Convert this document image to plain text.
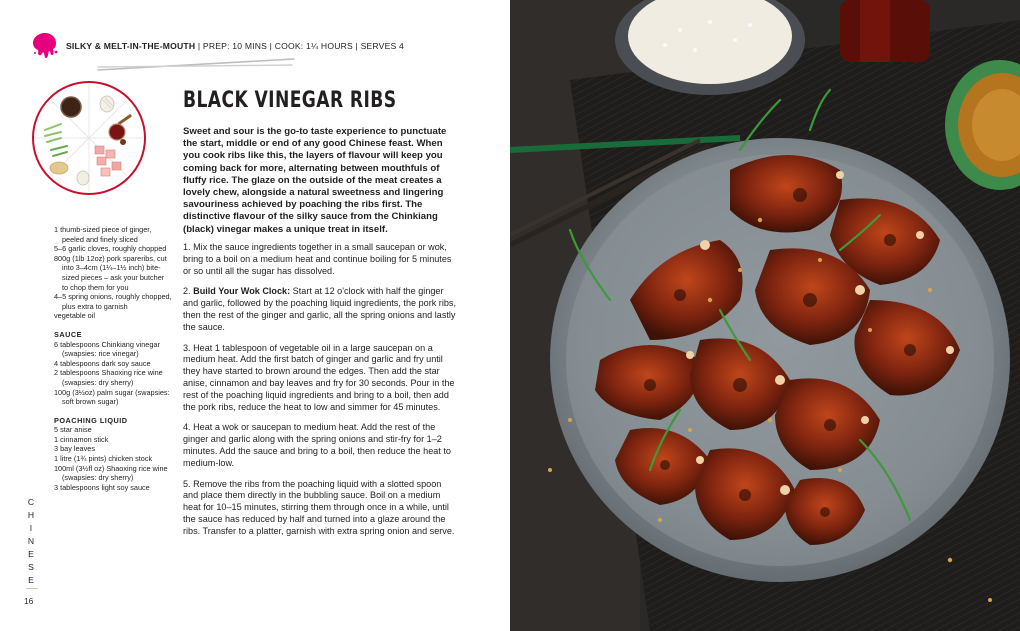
SILKY & MELT-IN-THE-MOUTH | PREP: 10 MINS | COOK: 1¼ HOURS | SERVES 4
BLACK VINEGAR RIBS

Sweet and sour is the go-to taste experience to punctuate the start, middle or end of any good Chinese feast. When you cook ribs like this, the layers of flavour will keep you coming back for more, alternating between mouthfuls of fluffy rice. The glaze on the outside of the meat creates a lovely chew, alongside a natural sweetness and lingering savouriness achieved by poaching the ribs first. The distinctive flavour of the silky sauce from the Chinkiang (black) vinegar makes a unique treat in itself.

1. Mix the sauce ingredients together in a small saucepan or wok, bring to a boil on a medium heat and continue boiling for 5 minutes or so until all the sugar has dissolved.

2. Build Your Wok Clock: Start at 12 o'clock with half the ginger and garlic, followed by the poaching liquid ingredients, the pork ribs, then the rest of the ginger and garlic, all the spring onions and lastly the sauce.

3. Heat 1 tablespoon of vegetable oil in a large saucepan on a medium heat. Add the first batch of ginger and garlic and fry until they have started to brown around the edges. Then add the star anise, cinnamon and bay leaves and fry for 30 seconds. Pour in the rest of the poaching liquid ingredients and bring to a boil, then add the pork ribs, reduce the heat to low and simmer for 45 minutes.

4. Heat a wok or saucepan to medium heat. Add the rest of the ginger and garlic along with the spring onions and stir-fry for 1–2 minutes. Add the sauce and bring to a boil, then reduce the heat to medium-low.

5. Remove the ribs from the poaching liquid with a slotted spoon and place them directly in the bubbling sauce. Boil on a medium heat for 10–15 minutes, stirring them through once in a while, until the sauce has reduced by half and turned into a glaze around the ribs. Transfer to a platter, garnish with extra spring onion and serve.

1 thumb-sized piece of ginger, peeled and finely sliced
5–6 garlic cloves, roughly chopped
800g (1lb 12oz) pork spareribs, cut into 3–4cm (1¼–1½ inch) bite-sized pieces – ask your butcher to chop them for you
4–5 spring onions, roughly chopped, plus extra to garnish
vegetable oil
SAUCE
6 tablespoons Chinkiang vinegar (swapsies: rice vinegar)
4 tablespoons dark soy sauce
2 tablespoons Shaoxing rice wine (swapsies: dry sherry)
100g (3½oz) palm sugar (swapsies: soft brown sugar)
POACHING LIQUID
5 star anise
1 cinnamon stick
3 bay leaves
1 litre (1¾ pints) chicken stock
100ml (3½fl oz) Shaoxing rice wine (swapsies: dry sherry)
3 tablespoons light soy sauce
C
H
I
N
E
S
E
16
